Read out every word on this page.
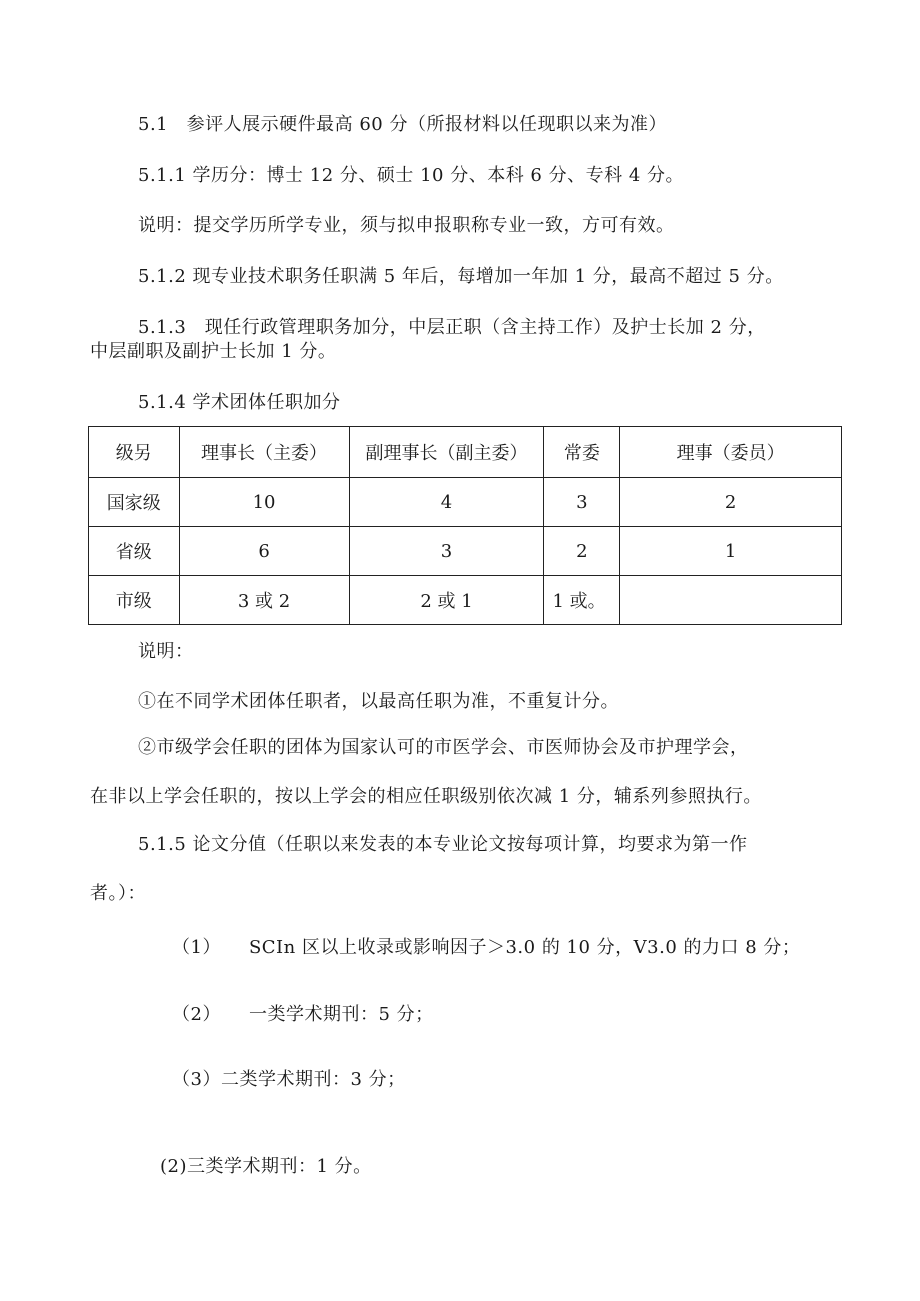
5.1　参评人展示硬件最高 60 分（所报材料以任现职以来为准）
5.1.1 学历分：博士 12 分、硕士 10 分、本科 6 分、专科 4 分。
说明：提交学历所学专业，须与拟申报职称专业一致，方可有效。
5.1.2 现专业技术职务任职满 5 年后，每增加一年加 1 分，最高不超过 5 分。
5.1.3　现任行政管理职务加分，中层正职（含主持工作）及护士长加 2 分，
中层副职及副护士长加 1 分。
5.1.4 学术团体任职加分
级另	理事长（主委）	副理事长（副主委）	常委	理事（委员）
国家级	10	4	3	2
省级	6	3	2	1
市级	3 或 2	2 或 1	1 或。	
说明：
①在不同学术团体任职者，以最高任职为准，不重复计分。
②市级学会任职的团体为国家认可的市医学会、市医师协会及市护理学会，
在非以上学会任职的，按以上学会的相应任职级别依次减 1 分，辅系列参照执行。
5.1.5 论文分值（任职以来发表的本专业论文按每项计算，均要求为第一作
者。）：
（1）　　SCIn 区以上收录或影响因子＞3.0 的 10 分，V3.0 的力口 8 分；
（2）　　一类学术期刊：5 分；
（3）二类学术期刊：3 分；
(2)三类学术期刊：1 分。
